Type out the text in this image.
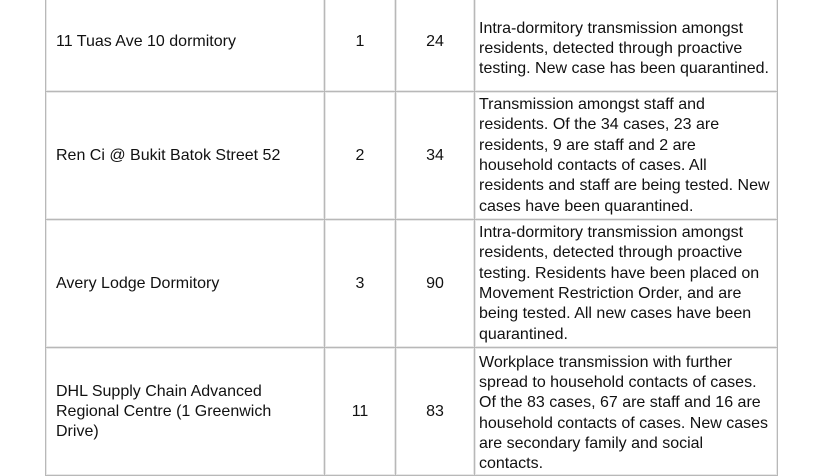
11 Tuas Ave 10 dormitory	1	24	Intra-dormitory transmission amongst residents, detected through proactive testing. New case has been quarantined.

Ren Ci @ Bukit Batok Street 52	2	34	Transmission amongst staff and residents. Of the 34 cases, 23 are residents, 9 are staff and 2 are household contacts of cases. All residents and staff are being tested. New cases have been quarantined.

Avery Lodge Dormitory	3	90	Intra-dormitory transmission amongst residents, detected through proactive testing. Residents have been placed on Movement Restriction Order, and are being tested. All new cases have been quarantined.

DHL Supply Chain Advanced Regional Centre (1 Greenwich Drive)	11	83	Workplace transmission with further spread to household contacts of cases. Of the 83 cases, 67 are staff and 16 are household contacts of cases. New cases are secondary family and social contacts.
